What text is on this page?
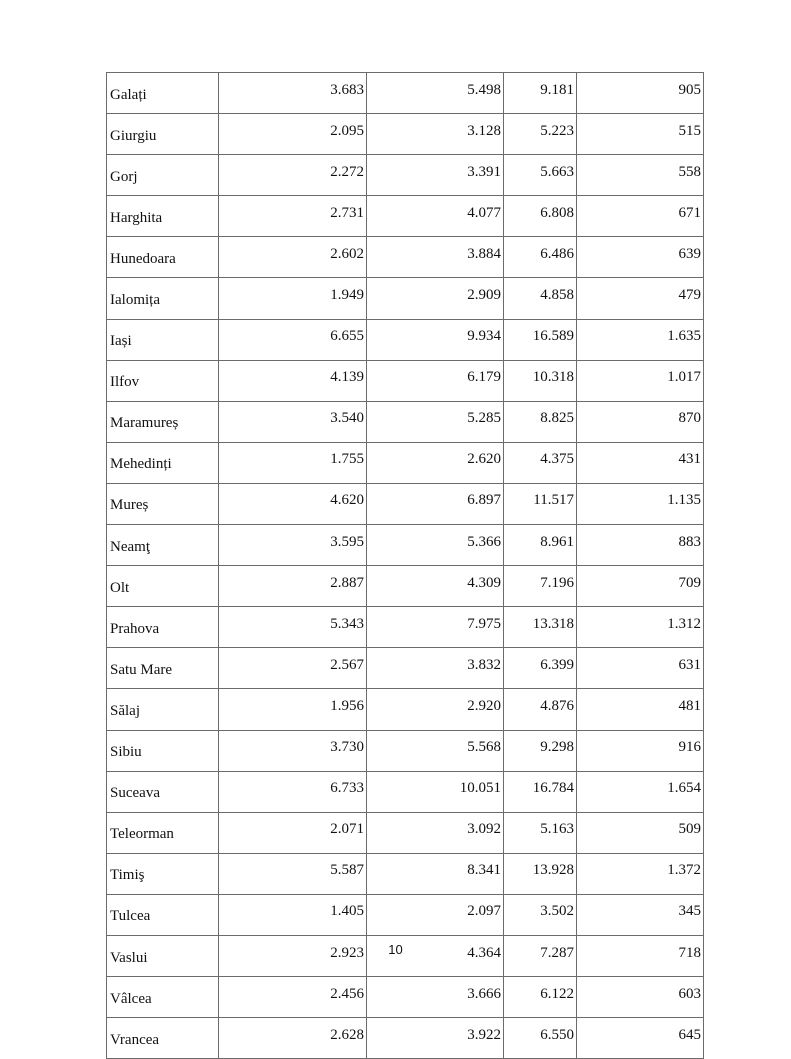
Galați	3.683	5.498	9.181	905
Giurgiu	2.095	3.128	5.223	515
Gorj	2.272	3.391	5.663	558
Harghita	2.731	4.077	6.808	671
Hunedoara	2.602	3.884	6.486	639
Ialomița	1.949	2.909	4.858	479
Iași	6.655	9.934	16.589	1.635
Ilfov	4.139	6.179	10.318	1.017
Maramureș	3.540	5.285	8.825	870
Mehedinți	1.755	2.620	4.375	431
Mureș	4.620	6.897	11.517	1.135
Neamţ	3.595	5.366	8.961	883
Olt	2.887	4.309	7.196	709
Prahova	5.343	7.975	13.318	1.312
Satu Mare	2.567	3.832	6.399	631
Sălaj	1.956	2.920	4.876	481
Sibiu	3.730	5.568	9.298	916
Suceava	6.733	10.051	16.784	1.654
Teleorman	2.071	3.092	5.163	509
Timiş	5.587	8.341	13.928	1.372
Tulcea	1.405	2.097	3.502	345
Vaslui	2.923	4.364	7.287	718
Vâlcea	2.456	3.666	6.122	603
Vrancea	2.628	3.922	6.550	645
10
